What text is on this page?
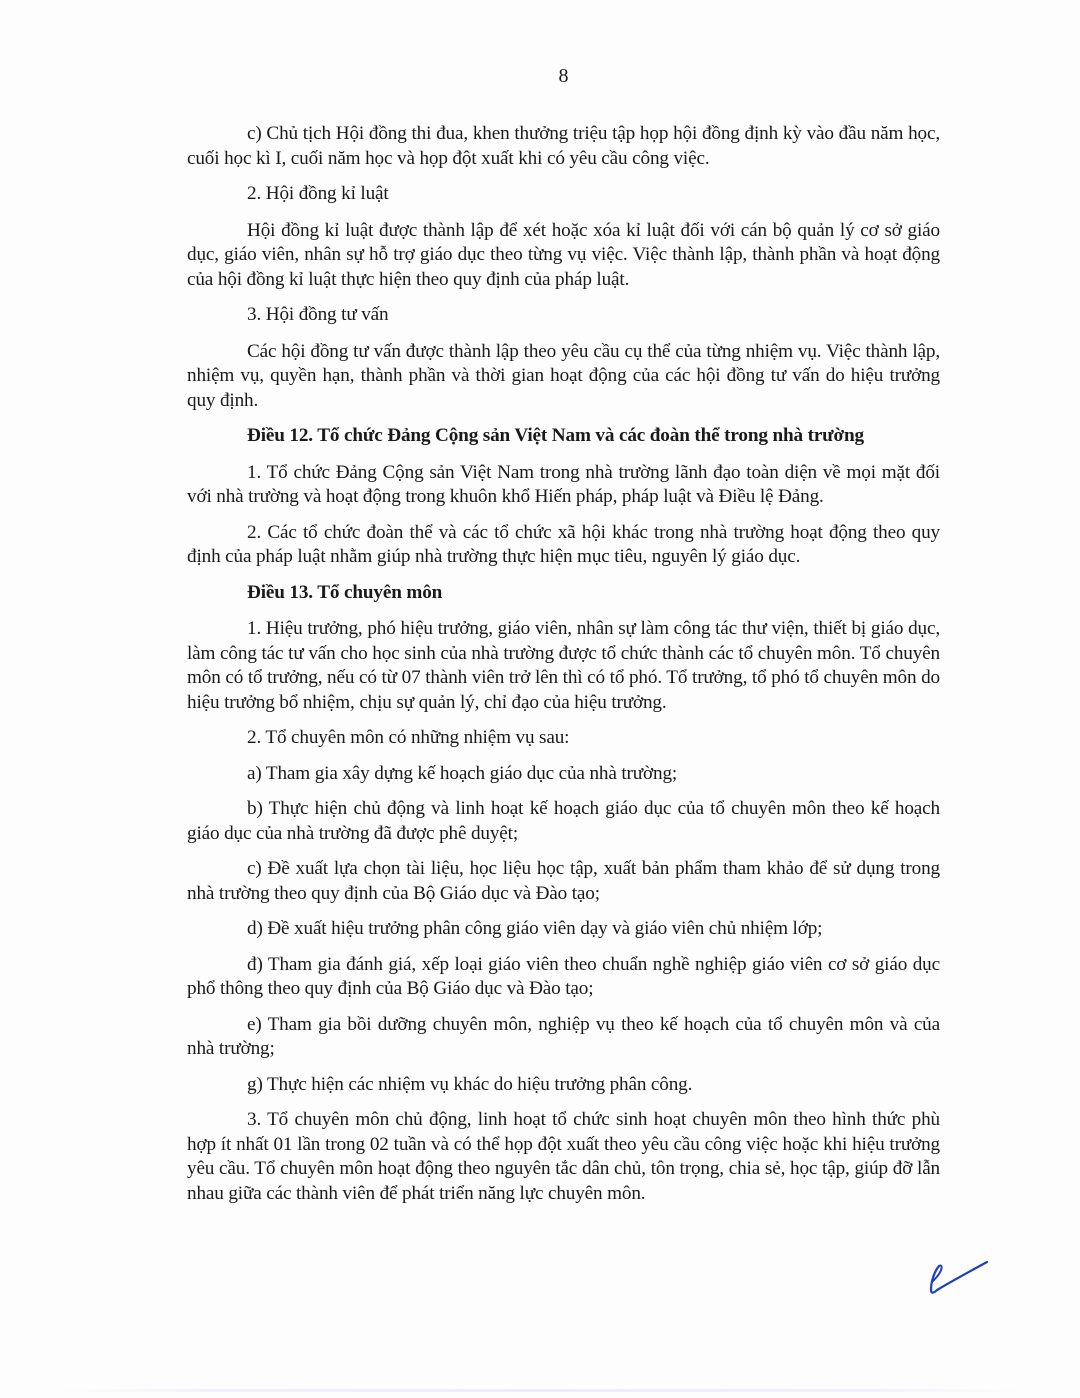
8

c) Chủ tịch Hội đồng thi đua, khen thưởng triệu tập họp hội đồng định kỳ vào đầu năm học, cuối học kì I, cuối năm học và họp đột xuất khi có yêu cầu công việc.

2. Hội đồng kỉ luật

Hội đồng kỉ luật được thành lập để xét hoặc xóa kỉ luật đối với cán bộ quản lý cơ sở giáo dục, giáo viên, nhân sự hỗ trợ giáo dục theo từng vụ việc. Việc thành lập, thành phần và hoạt động của hội đồng kỉ luật thực hiện theo quy định của pháp luật.

3. Hội đồng tư vấn

Các hội đồng tư vấn được thành lập theo yêu cầu cụ thể của từng nhiệm vụ. Việc thành lập, nhiệm vụ, quyền hạn, thành phần và thời gian hoạt động của các hội đồng tư vấn do hiệu trưởng quy định.

Điều 12. Tổ chức Đảng Cộng sản Việt Nam và các đoàn thể trong nhà trường

1. Tổ chức Đảng Cộng sản Việt Nam trong nhà trường lãnh đạo toàn diện về mọi mặt đối với nhà trường và hoạt động trong khuôn khổ Hiến pháp, pháp luật và Điều lệ Đảng.

2. Các tổ chức đoàn thể và các tổ chức xã hội khác trong nhà trường hoạt động theo quy định của pháp luật nhằm giúp nhà trường thực hiện mục tiêu, nguyên lý giáo dục.

Điều 13. Tổ chuyên môn

1. Hiệu trưởng, phó hiệu trưởng, giáo viên, nhân sự làm công tác thư viện, thiết bị giáo dục, làm công tác tư vấn cho học sinh của nhà trường được tổ chức thành các tổ chuyên môn. Tổ chuyên môn có tổ trưởng, nếu có từ 07 thành viên trở lên thì có tổ phó. Tổ trưởng, tổ phó tổ chuyên môn do hiệu trưởng bổ nhiệm, chịu sự quản lý, chỉ đạo của hiệu trưởng.

2. Tổ chuyên môn có những nhiệm vụ sau:

a) Tham gia xây dựng kế hoạch giáo dục của nhà trường;

b) Thực hiện chủ động và linh hoạt kế hoạch giáo dục của tổ chuyên môn theo kế hoạch giáo dục của nhà trường đã được phê duyệt;

c) Đề xuất lựa chọn tài liệu, học liệu học tập, xuất bản phẩm tham khảo để sử dụng trong nhà trường theo quy định của Bộ Giáo dục và Đào tạo;

d) Đề xuất hiệu trưởng phân công giáo viên dạy và giáo viên chủ nhiệm lớp;

đ) Tham gia đánh giá, xếp loại giáo viên theo chuẩn nghề nghiệp giáo viên cơ sở giáo dục phổ thông theo quy định của Bộ Giáo dục và Đào tạo;

e) Tham gia bồi dưỡng chuyên môn, nghiệp vụ theo kế hoạch của tổ chuyên môn và của nhà trường;

g) Thực hiện các nhiệm vụ khác do hiệu trưởng phân công.

3. Tổ chuyên môn chủ động, linh hoạt tổ chức sinh hoạt chuyên môn theo hình thức phù hợp ít nhất 01 lần trong 02 tuần và có thể họp đột xuất theo yêu cầu công việc hoặc khi hiệu trưởng yêu cầu. Tổ chuyên môn hoạt động theo nguyên tắc dân chủ, tôn trọng, chia sẻ, học tập, giúp đỡ lẫn nhau giữa các thành viên để phát triển năng lực chuyên môn.
